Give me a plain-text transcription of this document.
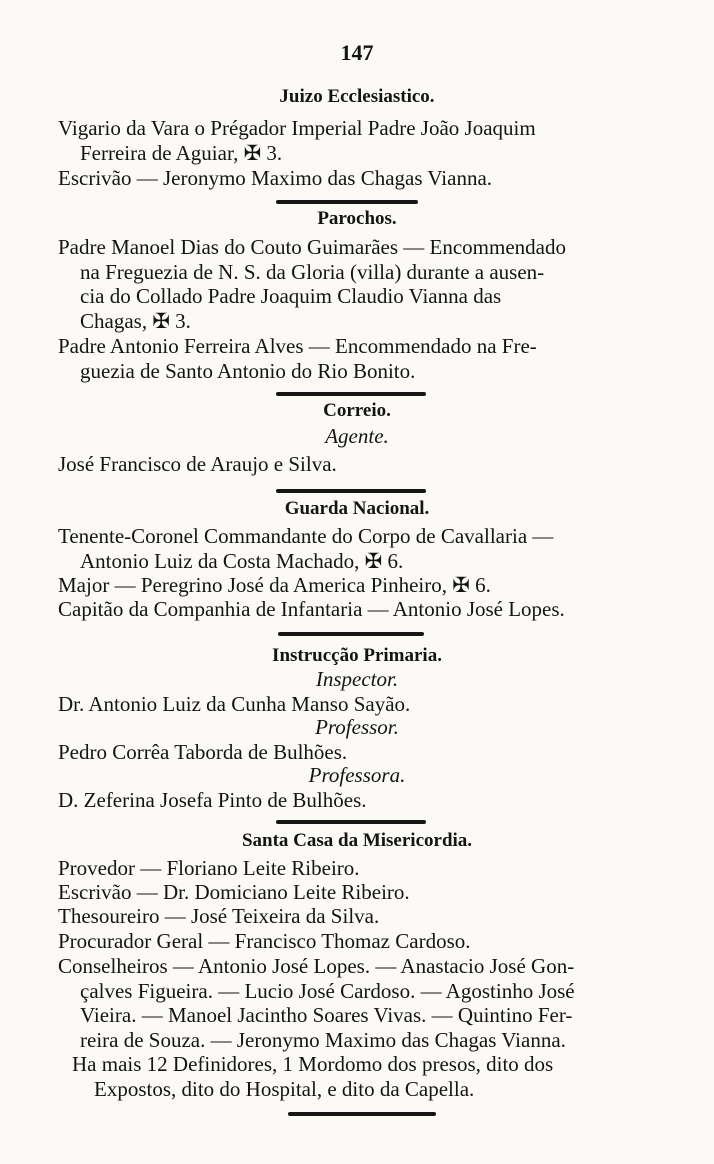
147
Juizo Ecclesiastico.
Vigario da Vara o Prégador Imperial Padre João Joaquim
Ferreira de Aguiar, ✠ 3.
Escrivão — Jeronymo Maximo das Chagas Vianna.
Parochos.
Padre Manoel Dias do Couto Guimarães — Encommendado
na Freguezia de N. S. da Gloria (villa) durante a ausen-
cia do Collado Padre Joaquim Claudio Vianna das
Chagas, ✠ 3.
Padre Antonio Ferreira Alves — Encommendado na Fre-
guezia de Santo Antonio do Rio Bonito.
Correio.
Agente.
José Francisco de Araujo e Silva.
Guarda Nacional.
Tenente-Coronel Commandante do Corpo de Cavallaria —
Antonio Luiz da Costa Machado, ✠ 6.
Major — Peregrino José da America Pinheiro, ✠ 6.
Capitão da Companhia de Infantaria — Antonio José Lopes.
Instrucção Primaria.
Inspector.
Dr. Antonio Luiz da Cunha Manso Sayão.
Professor.
Pedro Corrêa Taborda de Bulhões.
Professora.
D. Zeferina Josefa Pinto de Bulhões.
Santa Casa da Misericordia.
Provedor — Floriano Leite Ribeiro.
Escrivão — Dr. Domiciano Leite Ribeiro.
Thesoureiro — José Teixeira da Silva.
Procurador Geral — Francisco Thomaz Cardoso.
Conselheiros — Antonio José Lopes. — Anastacio José Gon-
çalves Figueira. — Lucio José Cardoso. — Agostinho José
Vieira. — Manoel Jacintho Soares Vivas. — Quintino Fer-
reira de Souza. — Jeronymo Maximo das Chagas Vianna.
Ha mais 12 Definidores, 1 Mordomo dos presos, dito dos
Expostos, dito do Hospital, e dito da Capella.
